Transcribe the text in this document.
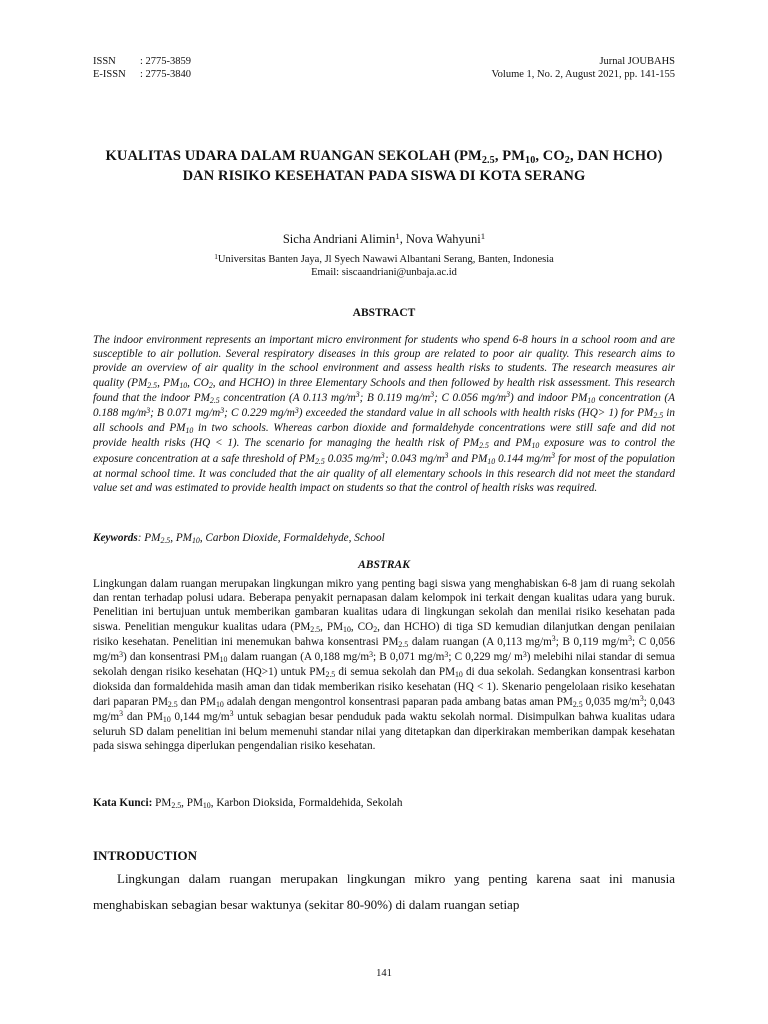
ISSN : 2775-3859
E-ISSN : 2775-3840
Jurnal JOUBAHS
Volume 1, No. 2, August 2021, pp. 141-155
KUALITAS UDARA DALAM RUANGAN SEKOLAH ($PM_{2.5}$, $PM_{10}$, $CO_2$, DAN HCHO) DAN RISIKO KESEHATAN PADA SISWA DI KOTA SERANG
Sicha Andriani Alimin$^1$, Nova Wahyuni$^1$
$^1$Universitas Banten Jaya, Jl Syech Nawawi Albantani Serang, Banten, Indonesia
Email: siscaandriani@unbaja.ac.id
ABSTRACT
The indoor environment represents an important micro environment for students who spend 6-8 hours in a school room and are susceptible to air pollution. Several respiratory diseases in this group are related to poor air quality. This research aims to provide an overview of air quality in the school environment and assess health risks to students. The research measures air quality ($PM_{2.5}$, $PM_{10}$, $CO_2$, and HCHO) in three Elementary Schools and then followed by health risk assessment. This research found that the indoor $PM_{2.5}$ concentration (A 0.113 $mg/m^3$; B 0.119 $mg/m^3$; C 0.056 $mg/m^3$) and indoor $PM_{10}$ concentration (A 0.188 $mg/m^3$; B 0.071 $mg/m^3$; C 0.229 $mg/m^3$) exceeded the standard value in all schools with health risks (HQ> 1) for $PM_{2.5}$ in all schools and $PM_{10}$ in two schools. Whereas carbon dioxide and formaldehyde concentrations were still safe and did not provide health risks (HQ < 1). The scenario for managing the health risk of $PM_{2.5}$ and $PM_{10}$ exposure was to control the exposure concentration at a safe threshold of $PM_{2.5}$ 0.035 $mg/m^3$; 0.043 $mg/m^3$ and $PM_{10}$ 0.144 $mg/m^3$ for most of the population at normal school time. It was concluded that the air quality of all elementary schools in this research did not meet the standard value set and was estimated to provide health impact on students so that the control of health risks was required.
Keywords: $PM_{2.5}$, $PM_{10}$, Carbon Dioxide, Formaldehyde, School
ABSTRAK
Lingkungan dalam ruangan merupakan lingkungan mikro yang penting bagi siswa yang menghabiskan 6-8 jam di ruang sekolah dan rentan terhadap polusi udara. Beberapa penyakit pernapasan dalam kelompok ini terkait dengan kualitas udara yang buruk. Penelitian ini bertujuan untuk memberikan gambaran kualitas udara di lingkungan sekolah dan menilai risiko kesehatan pada siswa. Penelitian mengukur kualitas udara ($PM_{2.5}$, $PM_{10}$, $CO_2$, dan HCHO) di tiga SD kemudian dilanjutkan dengan penilaian risiko kesehatan. Penelitian ini menemukan bahwa konsentrasi $PM_{2.5}$ dalam ruangan (A 0,113 $mg/m^3$; B 0,119 $mg/m^3$; C 0,056 $mg/m^3$) dan konsentrasi $PM_{10}$ dalam ruangan (A 0,188 $mg/m^3$; B 0,071 $mg/m^3$; C 0,229 mg/ $m^3$) melebihi nilai standar di semua sekolah dengan risiko kesehatan (HQ>1) untuk $PM_{2.5}$ di semua sekolah dan $PM_{10}$ di dua sekolah. Sedangkan konsentrasi karbon dioksida dan formaldehida masih aman dan tidak memberikan risiko kesehatan (HQ < 1). Skenario pengelolaan risiko kesehatan dari paparan $PM_{2.5}$ dan $PM_{10}$ adalah dengan mengontrol konsentrasi paparan pada ambang batas aman $PM_{2.5}$ 0,035 $mg/m^3$; 0,043 $mg/m^3$ dan $PM_{10}$ 0,144 $mg/m^3$ untuk sebagian besar penduduk pada waktu sekolah normal. Disimpulkan bahwa kualitas udara seluruh SD dalam penelitian ini belum memenuhi standar nilai yang ditetapkan dan diperkirakan memberikan dampak kesehatan pada siswa sehingga diperlukan pengendalian risiko kesehatan.
Kata Kunci: $PM_{2.5}$, $PM_{10}$, Karbon Dioksida, Formaldehida, Sekolah
INTRODUCTION
Lingkungan dalam ruangan merupakan lingkungan mikro yang penting karena saat ini manusia menghabiskan sebagian besar waktunya (sekitar 80-90%) di dalam ruangan setiap
141
